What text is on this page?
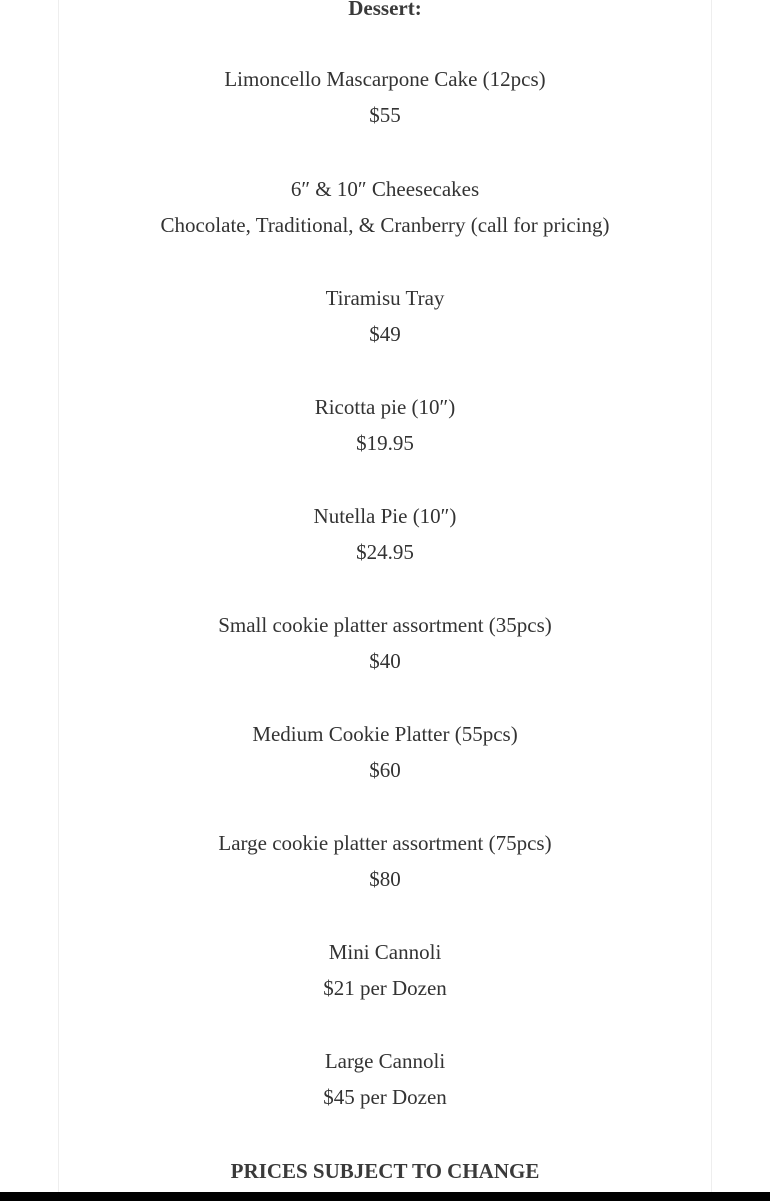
Dessert:
Limoncello Mascarpone Cake (12pcs)
$55
6″ & 10″ Cheesecakes
Chocolate, Traditional, & Cranberry (call for pricing)
Tiramisu Tray
$49
Ricotta pie (10″)
$19.95
Nutella Pie (10″)
$24.95
Small cookie platter assortment (35pcs)
$40
Medium Cookie Platter (55pcs)
$60
Large cookie platter assortment (75pcs)
$80
Mini Cannoli
$21 per Dozen
Large Cannoli
$45 per Dozen
PRICES SUBJECT TO CHANGE
